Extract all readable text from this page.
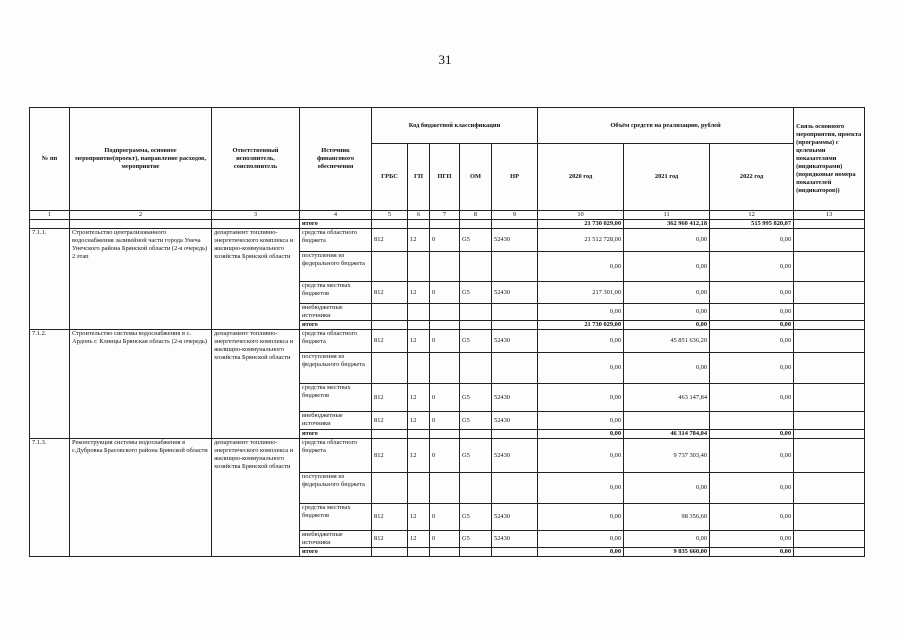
31
№ пп	Подпрограмма, основное мероприятие(проект), направление расходов, мероприятие	Ответственный исполнитель, соисполнитель	Источник финансового обеспечения	Код бюджетной классификации					Объём средств на реализацию, рублей			Связь основного мероприятия, проекта (программы) с целевыми показателями (индикаторами) (порядковые номера показателей (индикаторов))
				ГРБС	ГП	ПГП	ОМ	НР	2020 год	2021 год	2022 год	
1	2	3	4	5	6	7	8	9	10	11	12	13
			итого						21 730 029,00	362 960 412,18	515 995 820,07	
7.1.1.	Строительство централизованного водоснабжения заливейной части города Унеча Унечского района Брянской области (2-я очередь) 2 этап	департамент топливно-энергетического комплекса и жилищно-коммунального хозяйства Брянской области	средства областного бюджета	812	12	0	G5	52430	21 512 728,00	0,00	0,00	
			поступления из федерального бюджета						0,00	0,00	0,00	
			средства местных бюджетов	812	12	0	G5	52430	217 301,00	0,00	0,00	
			внебюджетные источники						0,00	0,00	0,00	
			итого						21 730 029,00	0,00	0,00	
7.1.2.	Строительство системы водоснабжения в с. Ардонь г. Клинцы Брянская область (2-я очередь)	департамент топливно-энергетического комплекса и жилищно-коммунального хозяйства Брянской области	средства областного бюджета	812	12	0	G5	52430	0,00	45 851 636,20	0,00	
			поступления из федерального бюджета						0,00	0,00	0,00	
			средства местных бюджетов	812	12	0	G5	52430	0,00	463 147,84	0,00	
			внебюджетные источники	812	12	0	G5	52430	0,00			
			итого						0,00	46 314 784,04	0,00	
7.1.3.	Реконструкция системы водоснабжения в с.Дубровка Брасовского района Брянской области	департамент топливно-энергетического комплекса и жилищно-коммунального хозяйства Брянской области	средства областного бюджета	812	12	0	G5	52430	0,00	9 737 303,40	0,00	
			поступления из федерального бюджета						0,00	0,00	0,00	
			средства местных бюджетов	812	12	0	G5	52430	0,00	98 356,60	0,00	
			внебюджетные источники	812	12	0	G5	52430	0,00	0,00	0,00	
			итого						0,00	9 835 660,00	0,00	
